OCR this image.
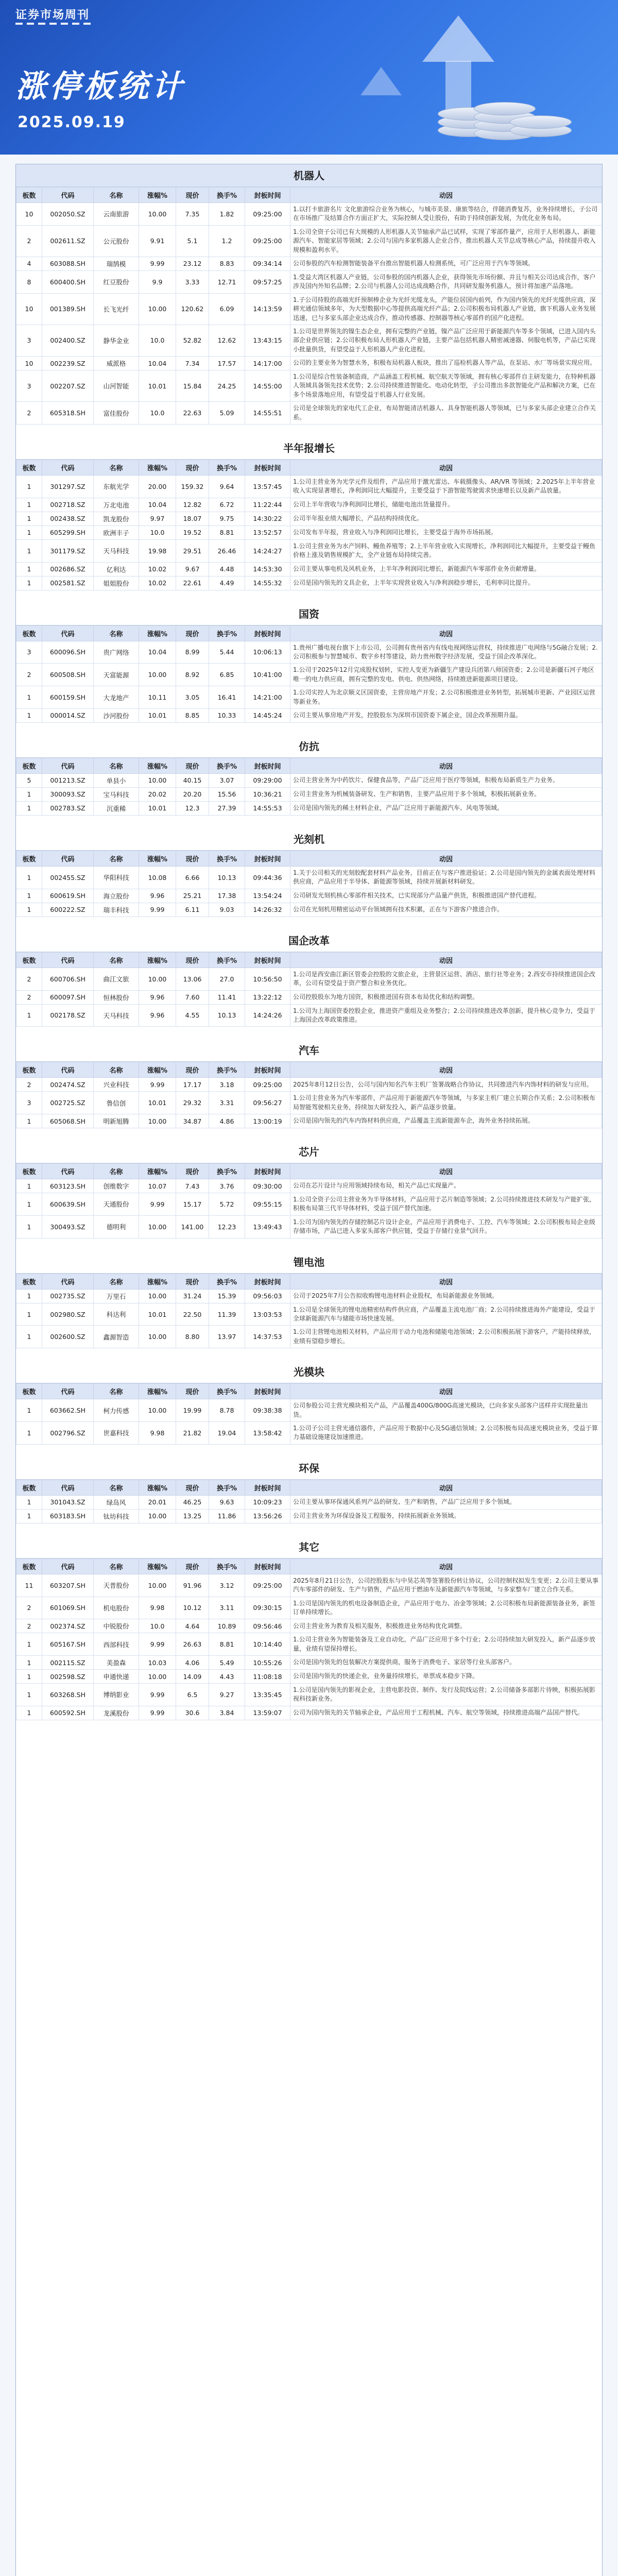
证券市场周刊
涨停板统计
2025.09.19
机器人
板数	代码	名称	涨幅%	现价	换手%	封板时间	动因
10	002050.SZ	云南旅游	10.00	7.35	1.82	09:25:00	1.以打卡旅游名片 文化旅游综合业务为核心，与城市美景、康旅等结合，伴随消费复苏，业务持续增长，子公司在市场推广及结算合作方面正扩大，实际控制人受让股份，有助于持续创新发展，为优化业务布局。
2	002611.SZ	公元股份	9.91	5.1	1.2	09:25:00	1.公司全资子公司已有大规模的人形机器人关节轴承产品已试样，实现了零部件量产，应用于人形机器人、新能源汽车、智能家居等领域；2.公司与国内多家机器人企业合作，推出机器人关节总成等核心产品，持续提升收入规模和盈利水平。
4	603088.SH	瑞鹄模	9.99	23.12	8.83	09:34:14	公司参股的汽车检测智能装备平台推出智能机器人检测系统，可广泛应用于汽车等领域。
8	600400.SH	红豆股份	9.9	3.33	12.71	09:57:25	1.受益大湾区机器人产业链，公司参股的国内机器人企业，获得领先市场份额、并且与相关公司达成合作，客户涉及国内外知名品牌；2.公司与机器人公司达成战略合作，共同研发服务机器人，预计将加速产品落地。
10	001389.SH	长飞光纤	10.00	120.62	6.09	14:13:59	1.子公司持股的高端光纤预制棒企业为光纤光缆龙头，产能位居国内前列，作为国内领先的光纤光缆供应商，深耕光通信领域多年，为大型数据中心等提供高端光纤产品；2.公司积极布局机器人产业链，旗下机器人业务发展迅速，已与多家头部企业达成合作，推动传感器、控制器等核心零部件的国产化进程。
3	002400.SZ	静华金业	10.0	52.82	12.62	13:43:15	1.公司是世界领先的镍生态企业，拥有完整的产业链，镍产品广泛应用于新能源汽车等多个领域，已进入国内头部企业供应链；2.公司积极布局人形机器人产业链，主要产品包括机器人精密减速器、伺服电机等，产品已实现小批量供货，有望受益于人形机器人产业化进程。
10	002239.SZ	威派格	10.04	7.34	17.57	14:17:00	公司的主要业务为智慧水务，积极布局机器人板块，推出了巡检机器人等产品，在泵站、水厂等场景实现应用。
3	002207.SZ	山河智能	10.01	15.84	24.25	14:55:00	1.公司是综合性装备制造商，产品涵盖工程机械、航空航天等领域，拥有核心零部件自主研发能力，在特种机器人领域具备领先技术优势；2.公司持续推进智能化、电动化转型，子公司推出多款智能化产品和解决方案，已在多个场景落地应用，有望受益于机器人行业发展。
2	605318.SH	富佳股份	10.0	22.63	5.09	14:55:51	公司是全球领先的家电代工企业，布局智能清洁机器人、具身智能机器人等领域，已与多家头部企业建立合作关系。
半年报增长
板数	代码	名称	涨幅%	现价	换手%	封板时间	动因
1	301297.SZ	东航光学	20.00	159.32	9.64	13:57:45	1.公司主营业务为光学元件及组件，产品应用于激光雷达、车载摄像头、AR/VR 等领域；2.2025年上半年营业收入实现显著增长，净利润同比大幅提升，主要受益于下游智能驾驶需求快速增长以及新产品放量。
1	002718.SZ	万北电池	10.04	12.82	6.72	11:22:44	公司上半年营收与净利润同比增长，储能电池出货量提升。
1	002438.SZ	凯龙股份	9.97	18.07	9.75	14:30:22	公司半年报业绩大幅增长，产品结构持续优化。
1	605299.SH	欧洲丰子	10.0	19.52	8.81	13:52:57	公司发布半年报，营业收入与净利润同比增长，主要受益于海外市场拓展。
1	301179.SZ	天马科技	19.98	29.51	26.46	14:24:27	1.公司主营业务为水产饲料、鳗鱼养殖等；2.上半年营业收入实现增长，净利润同比大幅提升，主要受益于鳗鱼价格上涨及销售规模扩大，全产业链布局持续完善。
1	002686.SZ	亿利达	10.02	9.67	4.48	14:53:30	公司主要从事电机及风机业务，上半年净利润同比增长，新能源汽车零部件业务贡献增量。
1	002581.SZ	姐姐股份	10.02	22.61	4.49	14:55:32	公司是国内领先的文具企业，上半年实现营业收入与净利润稳步增长，毛利率同比提升。
国资
板数	代码	名称	涨幅%	现价	换手%	封板时间	动因
3	600096.SH	贵广网络	10.04	8.99	5.44	10:06:13	1.贵州广播电视台旗下上市公司，公司拥有贵州省内有线电视网络运营权，持续推进广电网络与5G融合发展；2.公司积极参与智慧城市、数字乡村等建设，助力贵州数字经济发展，受益于国企改革深化。
2	600508.SH	天富能源	10.00	8.92	6.85	10:41:00	1.公司于2025年12月完成股权划转，实控人变更为新疆生产建设兵团第八师国资委；2.公司是新疆石河子地区唯一的电力供应商，拥有完整的发电、供电、供热网络，持续推进新能源项目建设。
1	600159.SH	大龙地产	10.11	3.05	16.41	14:21:00	1.公司实控人为北京顺义区国资委，主营房地产开发；2.公司积极推进业务转型，拓展城市更新、产业园区运营等新业务。
1	000014.SZ	沙河股份	10.01	8.85	10.33	14:45:24	公司主要从事房地产开发，控股股东为深圳市国资委下属企业，国企改革预期升温。
仿抗
板数	代码	名称	涨幅%	现价	换手%	封板时间	动因
5	001213.SZ	单县小	10.00	40.15	3.07	09:29:00	公司主营业务为中药饮片、保健食品等，产品广泛应用于医疗等领域，积极布局新质生产力业务。
1	300093.SZ	宝马科技	20.02	20.20	15.56	10:36:21	公司主营业务为机械装备研发、生产和销售，主要产品应用于多个领域，积极拓展新业务。
1	002783.SZ	沉重稀	10.01	12.3	27.39	14:55:53	公司是国内领先的稀土材料企业，产品广泛应用于新能源汽车、风电等领域。
光刻机
板数	代码	名称	涨幅%	现价	换手%	封板时间	动因
1	002455.SZ	华阳科技	10.08	6.66	10.13	09:44:36	1.关于公司相关的光刻胶配套材料产品业务，目前正在与客户推进验证；2.公司是国内领先的金属表面处理材料供应商，产品应用于半导体、新能源等领域，持续开展新材料研发。
1	600619.SH	海立股份	9.96	25.21	17.38	13:54:24	公司研发光刻机核心零部件相关技术，已实现部分产品量产供货，积极推进国产替代进程。
1	600222.SZ	瑞丰科技	9.99	6.11	9.03	14:26:32	公司在光刻机用精密运动平台领域拥有技术积累，正在与下游客户推进合作。
国企改革
板数	代码	名称	涨幅%	现价	换手%	封板时间	动因
2	600706.SH	曲江文旅	10.00	13.06	27.0	10:56:50	1.公司是西安曲江新区管委会控股的文旅企业，主营景区运营、酒店、旅行社等业务；2.西安市持续推进国企改革，公司有望受益于资产整合和业务优化。
2	600097.SH	恒林股份	9.96	7.60	11.41	13:22:12	公司控股股东为地方国资，积极推进国有资本布局优化和结构调整。
1	002178.SZ	天马科技	9.96	4.55	10.13	14:24:26	1.公司为上海国资委控股企业，推进资产重组及业务整合；2.公司持续推进改革创新，提升核心竞争力，受益于上海国企改革政策推进。
汽车
板数	代码	名称	涨幅%	现价	换手%	封板时间	动因
2	002474.SZ	兴业科技	9.99	17.17	3.18	09:25:00	2025年8月12日公告，公司与国内知名汽车主机厂签署战略合作协议，共同推进汽车内饰材料的研发与应用。
3	002725.SZ	鲁信创	10.01	29.32	3.31	09:56:27	1.公司主营业务为汽车零部件，产品应用于新能源汽车等领域，与多家主机厂建立长期合作关系；2.公司积极布局智能驾驶相关业务，持续加大研发投入，新产品逐步放量。
1	605068.SH	明新旭腾	10.00	34.87	4.86	13:00:19	公司是国内领先的汽车内饰材料供应商，产品覆盖主流新能源车企，海外业务持续拓展。
芯片
板数	代码	名称	涨幅%	现价	换手%	封板时间	动因
1	603123.SH	创维数字	10.07	7.43	3.76	09:30:00	公司在芯片设计与应用领域持续布局，相关产品已实现量产。
1	600639.SH	天通股份	9.99	15.17	5.72	09:55:15	1.公司全资子公司主营业务为半导体材料，产品应用于芯片制造等领域；2.公司持续推进技术研发与产能扩张，积极布局第三代半导体材料，受益于国产替代加速。
1	300493.SZ	德明利	10.00	141.00	12.23	13:49:43	1.公司为国内领先的存储控制芯片设计企业，产品应用于消费电子、工控、汽车等领域；2.公司积极布局企业级存储市场，产品已进入多家头部客户供应链，受益于存储行业景气回升。
锂电池
板数	代码	名称	涨幅%	现价	换手%	封板时间	动因
1	002735.SZ	万里石	10.00	31.24	15.39	09:56:03	公司于2025年7月公告拟收购锂电池材料企业股权，布局新能源业务领域。
1	002980.SZ	科达利	10.01	22.50	11.39	13:03:53	1.公司是全球领先的锂电池精密结构件供应商，产品覆盖主流电池厂商；2.公司持续推进海外产能建设，受益于全球新能源汽车与储能市场快速发展。
1	002600.SZ	鑫源智造	10.00	8.80	13.97	14:37:53	1.公司主营锂电池相关材料，产品应用于动力电池和储能电池领域；2.公司积极拓展下游客户，产能持续释放，业绩有望稳步增长。
光模块
板数	代码	名称	涨幅%	现价	换手%	封板时间	动因
1	603662.SH	柯力传感	10.00	19.99	8.78	09:38:38	公司参股公司主营光模块相关产品，产品覆盖400G/800G高速光模块，已向多家头部客户送样并实现批量出货。
1	002796.SZ	世嘉科技	9.98	21.82	19.04	13:58:42	1.公司子公司主营光通信器件，产品应用于数据中心及5G通信领域；2.公司积极布局高速光模块业务，受益于算力基础设施建设加速推进。
环保
板数	代码	名称	涨幅%	现价	换手%	封板时间	动因
1	301043.SZ	绿岛风	20.01	46.25	9.63	10:09:23	公司主要从事环保通风系列产品的研发、生产和销售，产品广泛应用于多个领域。
1	603183.SH	钛坊科技	10.00	13.25	11.86	13:56:26	公司主营业务为环保设备及工程服务，持续拓展新业务领域。
其它
板数	代码	名称	涨幅%	现价	换手%	封板时间	动因
11	603207.SH	天普股份	10.00	91.96	3.12	09:25:00	2025年8月21日公告，公司控股股东与中昊芯英等签署股份转让协议，公司控制权拟发生变更；2.公司主要从事汽车零部件的研发、生产与销售，产品应用于燃油车及新能源汽车等领域，与多家整车厂建立合作关系。
2	601069.SH	机电股份	9.98	10.12	3.11	09:30:15	1.公司是国内领先的机电设备制造企业，产品应用于电力、冶金等领域；2.公司积极布局新能源装备业务，新签订单持续增长。
2	002374.SZ	中锐股份	10.0	4.64	10.89	09:56:46	公司主营业务为教育及相关服务，积极推进业务结构优化调整。
1	605167.SH	西部科技	9.99	26.63	8.81	10:14:40	1.公司主营业务为智能装备及工业自动化，产品广泛应用于多个行业；2.公司持续加大研发投入，新产品逐步放量，业绩有望保持增长。
1	002115.SZ	美盈森	10.03	4.06	5.49	10:55:26	公司是国内领先的包装解决方案提供商，服务于消费电子、家居等行业头部客户。
1	002598.SZ	申通快递	10.00	14.09	4.43	11:08:18	公司是国内领先的快递企业，业务量持续增长，单票成本稳步下降。
1	603268.SH	博纳影业	9.99	6.5	9.27	13:35:45	1.公司是国内领先的影视企业，主营电影投资、制作、发行及院线运营；2.公司储备多部影片待映，积极拓展影视科技新业务。
1	600592.SH	龙溪股份	9.99	30.6	3.84	13:59:07	公司为国内领先的关节轴承企业，产品应用于工程机械、汽车、航空等领域，持续推进高端产品国产替代。
